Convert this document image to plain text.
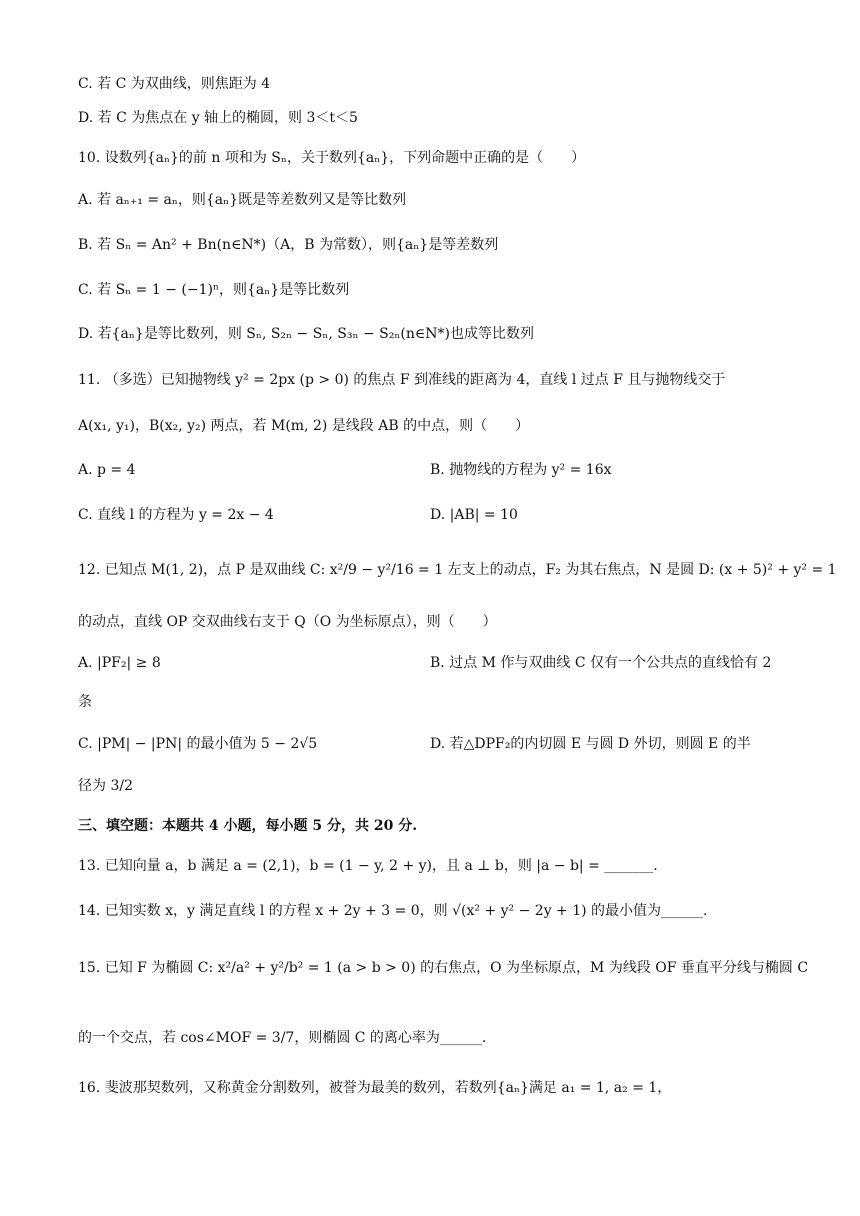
C. 若 C 为双曲线，则焦距为 4
D. 若 C 为焦点在 y 轴上的椭圆，则 3＜t＜5
10. 设数列{aₙ}的前 n 项和为 Sₙ，关于数列{aₙ}，下列命题中正确的是（　　）
A. 若 aₙ₊₁ = aₙ，则{aₙ}既是等差数列又是等比数列
B. 若 Sₙ = An² + Bn(n∈N*)（A，B 为常数），则{aₙ}是等差数列
C. 若 Sₙ = 1 − (−1)ⁿ，则{aₙ}是等比数列
D. 若{aₙ}是等比数列，则 Sₙ, S₂ₙ − Sₙ, S₃ₙ − S₂ₙ(n∈N*)也成等比数列
11. （多选）已知抛物线 y² = 2px (p > 0) 的焦点 F 到准线的距离为 4，直线 l 过点 F 且与抛物线交于
A(x₁, y₁)，B(x₂, y₂) 两点，若 M(m, 2) 是线段 AB 的中点，则（　　）
A. p = 4	B. 抛物线的方程为 y² = 16x
C. 直线 l 的方程为 y = 2x − 4	D. |AB| = 10
12. 已知点 M(1, 2)，点 P 是双曲线 C: x²/9 − y²/16 = 1 左支上的动点，F₂ 为其右焦点，N 是圆 D: (x + 5)² + y² = 1
的动点，直线 OP 交双曲线右支于 Q（O 为坐标原点），则（　　）
A. |PF₂| ≥ 8	B. 过点 M 作与双曲线 C 仅有一个公共点的直线恰有 2
条
C. |PM| − |PN| 的最小值为 5 − 2√5	D. 若△DPF₂的内切圆 E 与圆 D 外切，则圆 E 的半
径为 3/2
三、填空题：本题共 4 小题，每小题 5 分，共 20 分.
13. 已知向量 a，b 满足 a = (2,1)，b = (1 − y, 2 + y)，且 a ⊥ b，则 |a − b| = _______.
14. 已知实数 x，y 满足直线 l 的方程 x + 2y + 3 = 0，则 √(x² + y² − 2y + 1) 的最小值为______.
15. 已知 F 为椭圆 C: x²/a² + y²/b² = 1 (a > b > 0) 的右焦点，O 为坐标原点，M 为线段 OF 垂直平分线与椭圆 C
的一个交点，若 cos∠MOF = 3/7，则椭圆 C 的离心率为______.
16. 斐波那契数列，又称黄金分割数列，被誉为最美的数列，若数列{aₙ}满足 a₁ = 1, a₂ = 1，
